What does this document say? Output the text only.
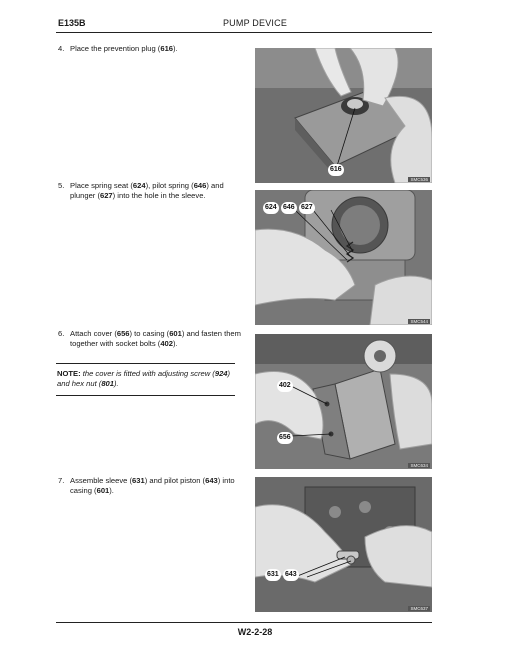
E135B	PUMP DEVICE
4. Place the prevention plug (616).
5. Place spring seat (624), pilot spring (646) and plunger (627) into the hole in the sleeve.
6. Attach cover (656) to casing (601) and fasten them together with socket bolts (402).
NOTE: the cover is fitted with adjusting screw (924) and hex nut (801).
7. Assemble sleeve (631) and pilot piston (643) into casing (601).
616
SMC536
624 646 627
SMC544
402
656
SMC634
631 643
SMC637
W2-2-28
